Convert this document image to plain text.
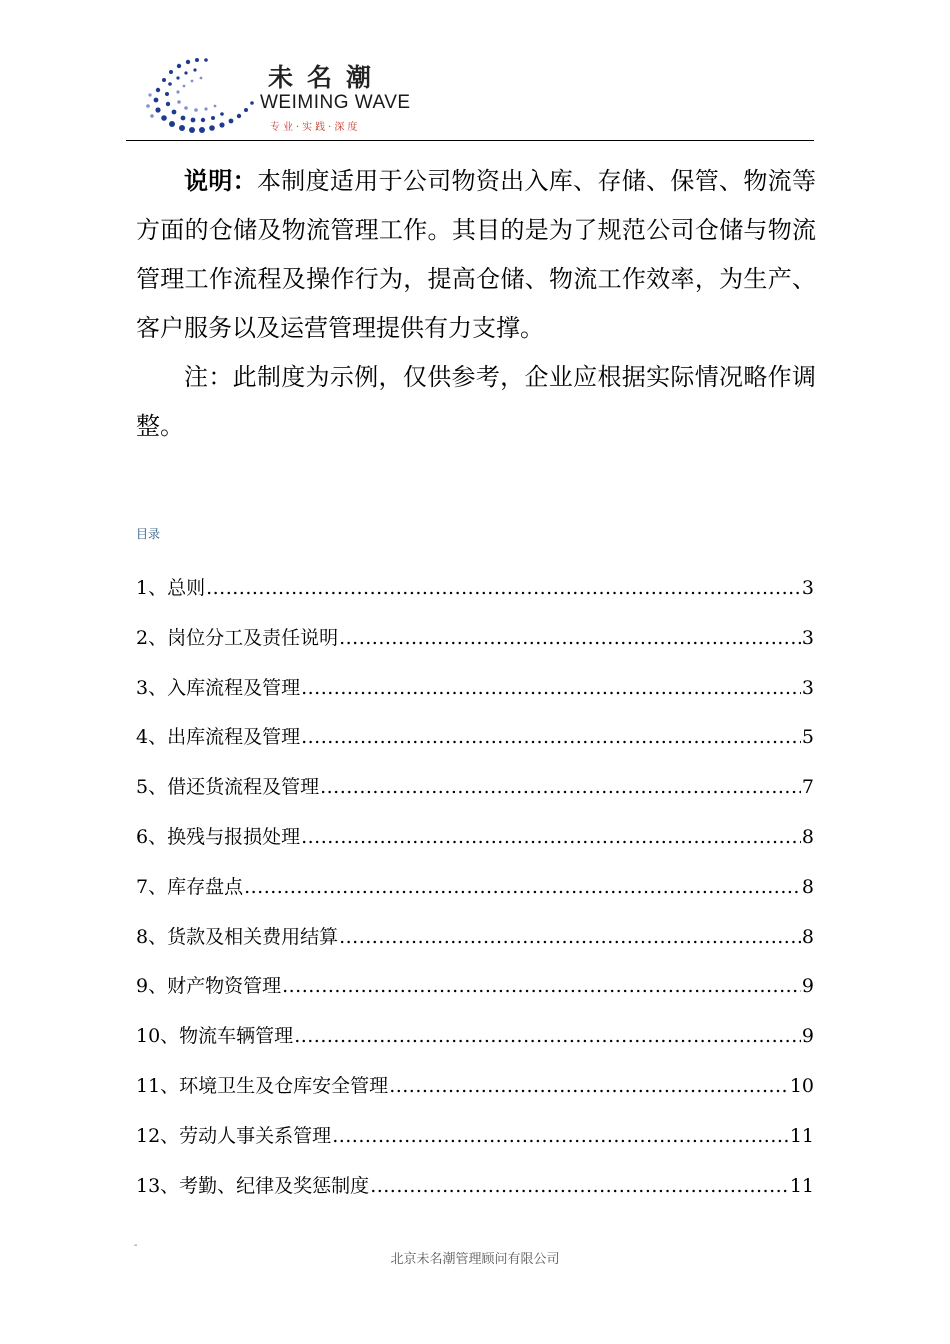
未名潮
WEIMING WAVE
专业·实践·深度

说明：本制度适用于公司物资出入库、存储、保管、物流等方面的仓储及物流管理工作。其目的是为了规范公司仓储与物流管理工作流程及操作行为，提高仓储、物流工作效率，为生产、客户服务以及运营管理提供有力支撑。

注：此制度为示例，仅供参考，企业应根据实际情况略作调整。

目录
1、总则 .....	3
2、岗位分工及责任说明 .....	3
3、入库流程及管理 .....	3
4、出库流程及管理 .....	5
5、借还货流程及管理 .....	7
6、换残与报损处理 .....	8
7、库存盘点 .....	8
8、货款及相关费用结算 .....	8
9、财产物资管理 .....	9
10、物流车辆管理 .....	9
11、环境卫生及仓库安全管理 .....	10
12、劳动人事关系管理 .....	11
13、考勤、纪律及奖惩制度 .....	11
-
北京未名潮管理顾问有限公司
